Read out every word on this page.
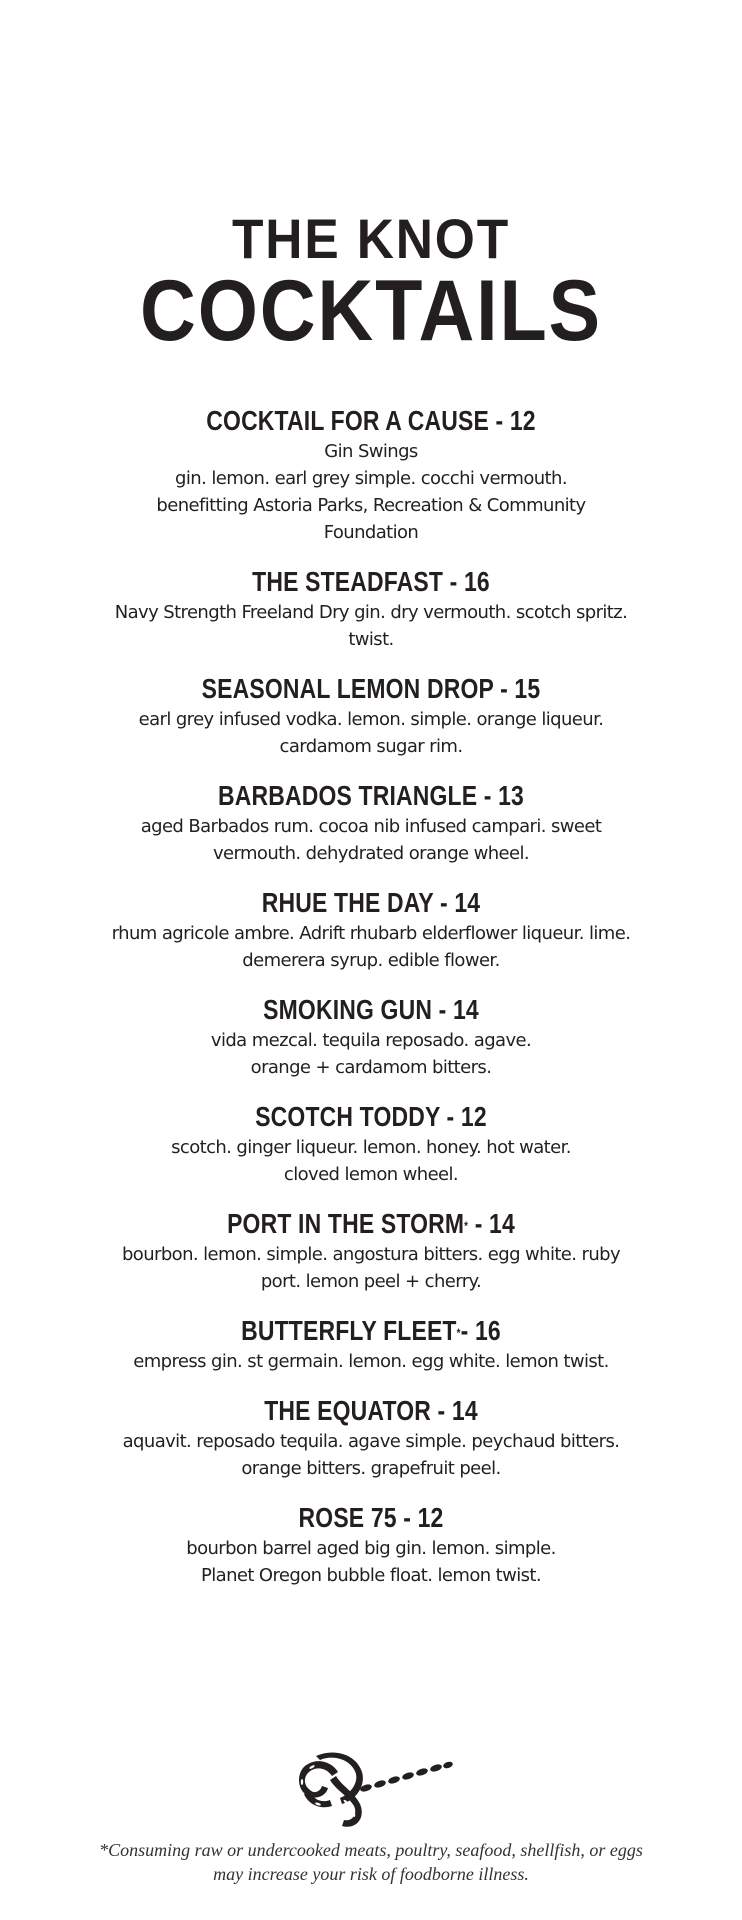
THE KNOT
COCKTAILS
COCKTAIL FOR A CAUSE - 12
Gin Swings
gin. lemon. earl grey simple. cocchi vermouth. benefitting Astoria Parks, Recreation & Community Foundation
THE STEADFAST - 16
Navy Strength Freeland Dry gin. dry vermouth. scotch spritz. twist.
SEASONAL LEMON DROP - 15
earl grey infused vodka. lemon. simple. orange liqueur. cardamom sugar rim.
BARBADOS TRIANGLE - 13
aged Barbados rum. cocoa nib infused campari. sweet vermouth. dehydrated orange wheel.
RHUE THE DAY - 14
rhum agricole ambre. Adrift rhubarb elderflower liqueur. lime. demerera syrup. edible flower.
SMOKING GUN - 14
vida mezcal. tequila reposado. agave. orange + cardamom bitters.
SCOTCH TODDY - 12
scotch. ginger liqueur. lemon. honey. hot water. cloved lemon wheel.
PORT IN THE STORM* - 14
bourbon. lemon. simple. angostura bitters. egg white. ruby port. lemon peel + cherry.
BUTTERFLY FLEET*- 16
empress gin. st germain. lemon. egg white. lemon twist.
THE EQUATOR - 14
aquavit. reposado tequila. agave simple. peychaud bitters. orange bitters. grapefruit peel.
ROSE 75 - 12
bourbon barrel aged big gin. lemon. simple. Planet Oregon bubble float. lemon twist.
*Consuming raw or undercooked meats, poultry, seafood, shellfish, or eggs
may increase your risk of foodborne illness.
